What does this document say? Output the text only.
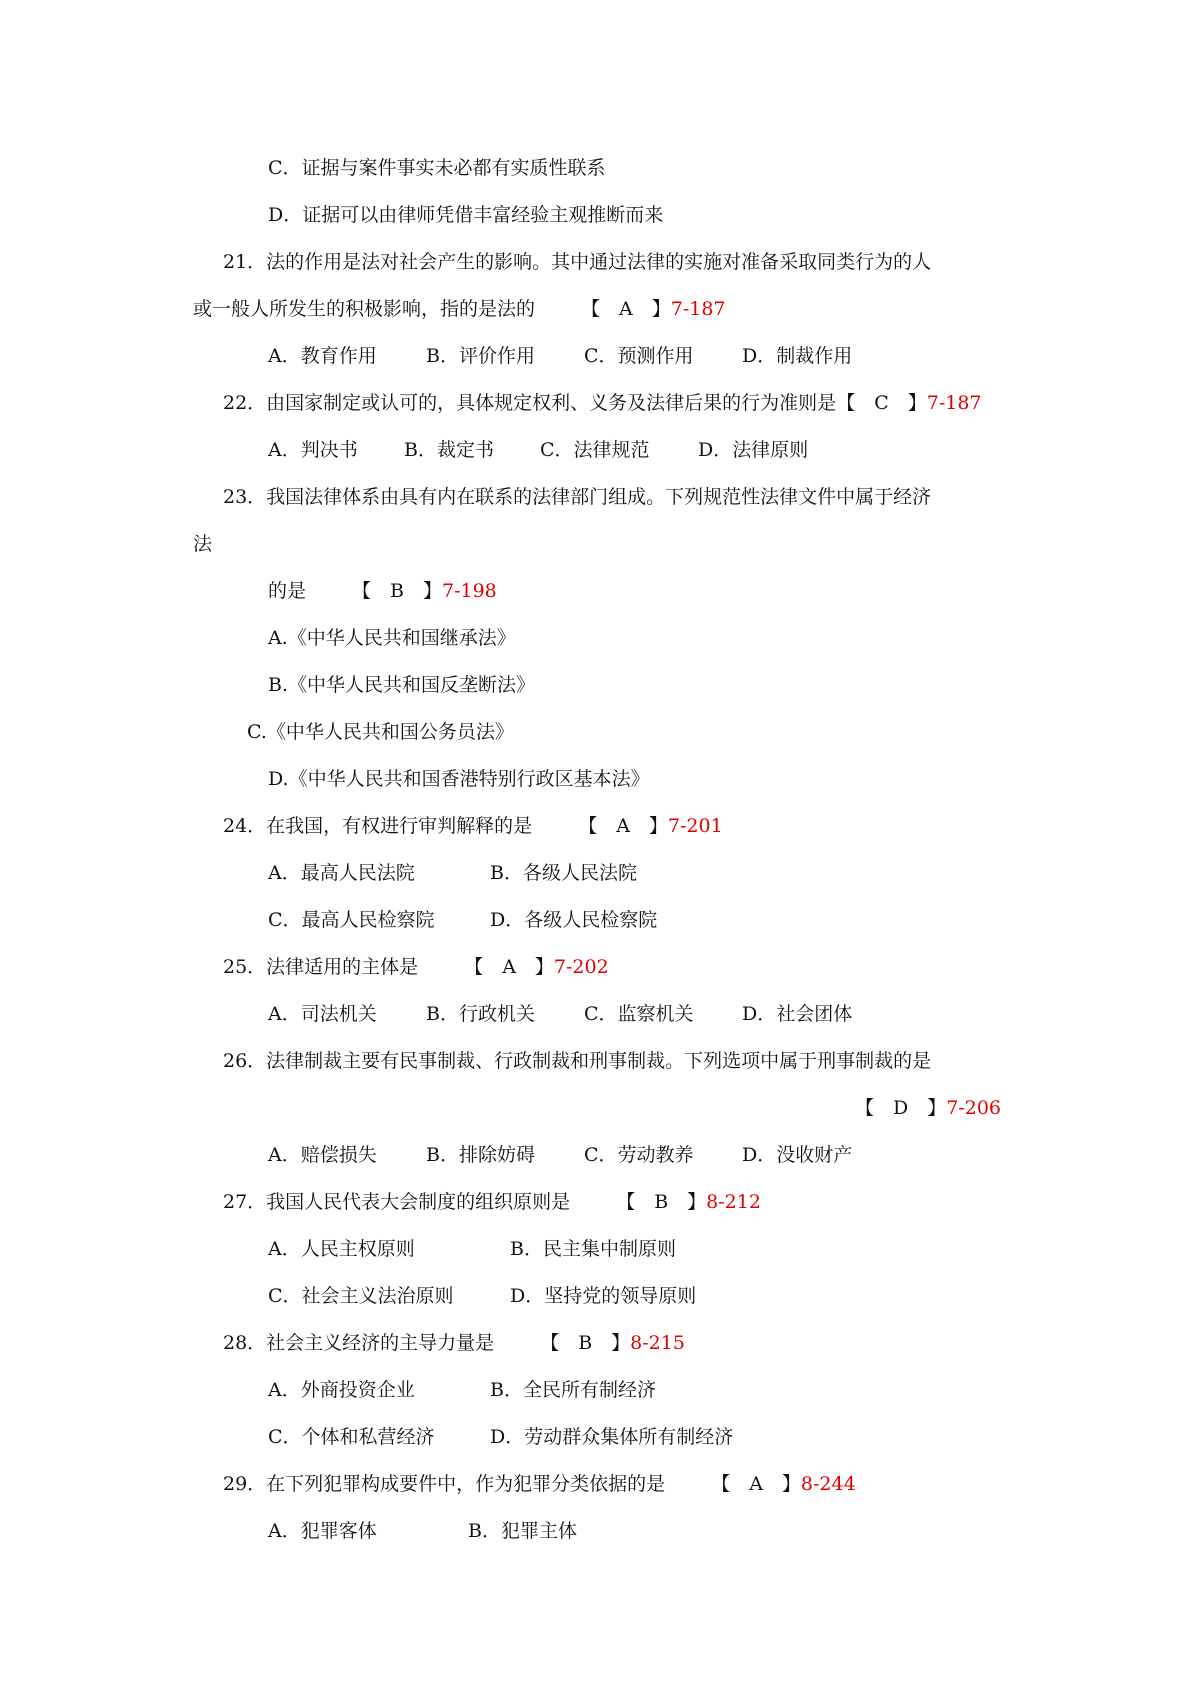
C．证据与案件事实未必都有实质性联系
D．证据可以由律师凭借丰富经验主观推断而来
21．法的作用是法对社会产生的影响。其中通过法律的实施对准备采取同类行为的人
或一般人所发生的积极影响，指的是法的 【　A　】7-187
A．教育作用	B．评价作用	C．预测作用	D．制裁作用
22．由国家制定或认可的，具体规定权利、义务及法律后果的行为准则是【　C　】7-187
A．判决书 B．裁定书 C．法律规范	D．法律原则
23．我国法律体系由具有内在联系的法律部门组成。下列规范性法律文件中属于经济
法
的是 【　B　】7-198
A.《中华人民共和国继承法》
B.《中华人民共和国反垄断法》
C.《中华人民共和国公务员法》
D.《中华人民共和国香港特别行政区基本法》
24．在我国，有权进行审判解释的是 【　A　】7-201
A．最高人民法院	B．各级人民法院
C．最高人民检察院	D．各级人民检察院
25．法律适用的主体是 【　A　】7-202
A．司法机关	B．行政机关	C．监察机关	D．社会团体
26．法律制裁主要有民事制裁、行政制裁和刑事制裁。下列选项中属于刑事制裁的是
【　D　】7-206
A．赔偿损失	B．排除妨碍	C．劳动教养	D．没收财产
27．我国人民代表大会制度的组织原则是 【　B　】8-212
A．人民主权原则	B．民主集中制原则
C．社会主义法治原则	D．坚持党的领导原则
28．社会主义经济的主导力量是 【　B　】8-215
A．外商投资企业	B．全民所有制经济
C．个体和私营经济	D．劳动群众集体所有制经济
29．在下列犯罪构成要件中，作为犯罪分类依据的是 【　A　】8-244
A．犯罪客体	B．犯罪主体
